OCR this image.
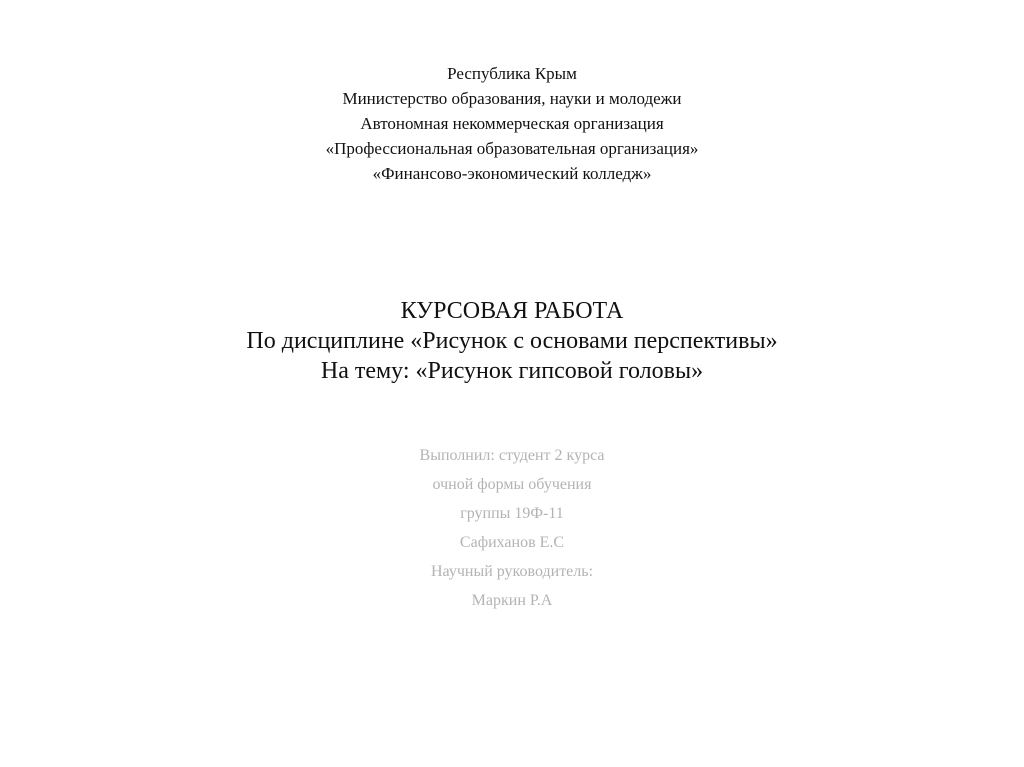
Республика Крым
Министерство образования, науки и молодежи
Автономная некоммерческая организация
«Профессиональная образовательная организация»
«Финансово-экономический колледж»
КУРСОВАЯ РАБОТА
По дисциплине «Рисунок с основами перспективы»
На тему: «Рисунок гипсовой головы»
Выполнил: студент 2 курса
очной формы обучения
группы 19Ф-11
Сафиханов Е.С
Научный руководитель:
Маркин Р.А
